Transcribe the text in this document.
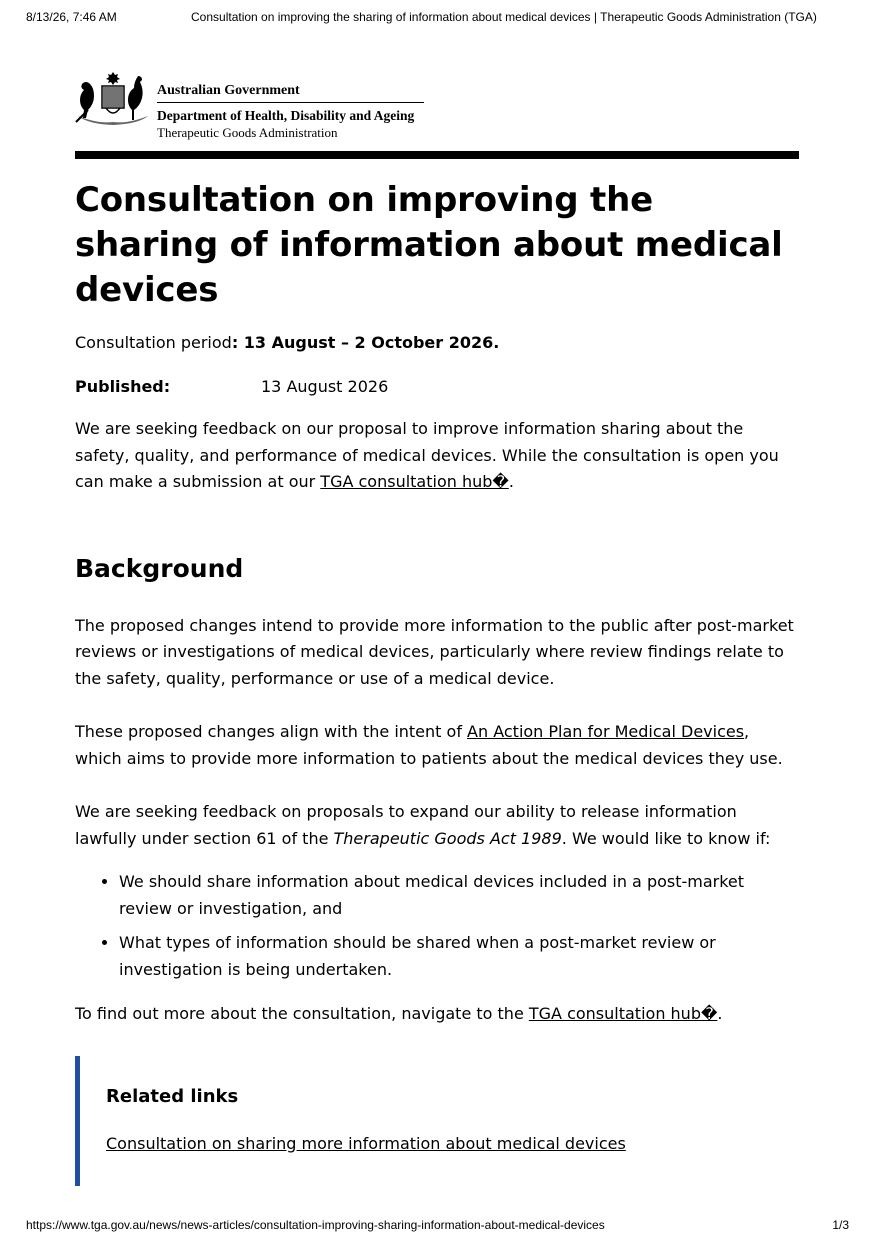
8/13/26, 7:46 AM	Consultation on improving the sharing of information about medical devices | Therapeutic Goods Administration (TGA)
Australian Government
Department of Health, Disability and Ageing
Therapeutic Goods Administration
Consultation on improving the sharing of information about medical devices

Consultation period: 13 August – 2 October 2026.

Published:	13 August 2026

We are seeking feedback on our proposal to improve information sharing about the safety, quality, and performance of medical devices. While the consultation is open you can make a submission at our TGA consultation hub�.

Background

The proposed changes intend to provide more information to the public after post-market reviews or investigations of medical devices, particularly where review findings relate to the safety, quality, performance or use of a medical device.

These proposed changes align with the intent of An Action Plan for Medical Devices, which aims to provide more information to patients about the medical devices they use.

We are seeking feedback on proposals to expand our ability to release information lawfully under section 61 of the Therapeutic Goods Act 1989. We would like to know if:

• We should share information about medical devices included in a post-market review or investigation, and
• What types of information should be shared when a post-market review or investigation is being undertaken.

To find out more about the consultation, navigate to the TGA consultation hub�.

Related links

Consultation on sharing more information about medical devices

https://www.tga.gov.au/news/news-articles/consultation-improving-sharing-information-about-medical-devices	1/3
